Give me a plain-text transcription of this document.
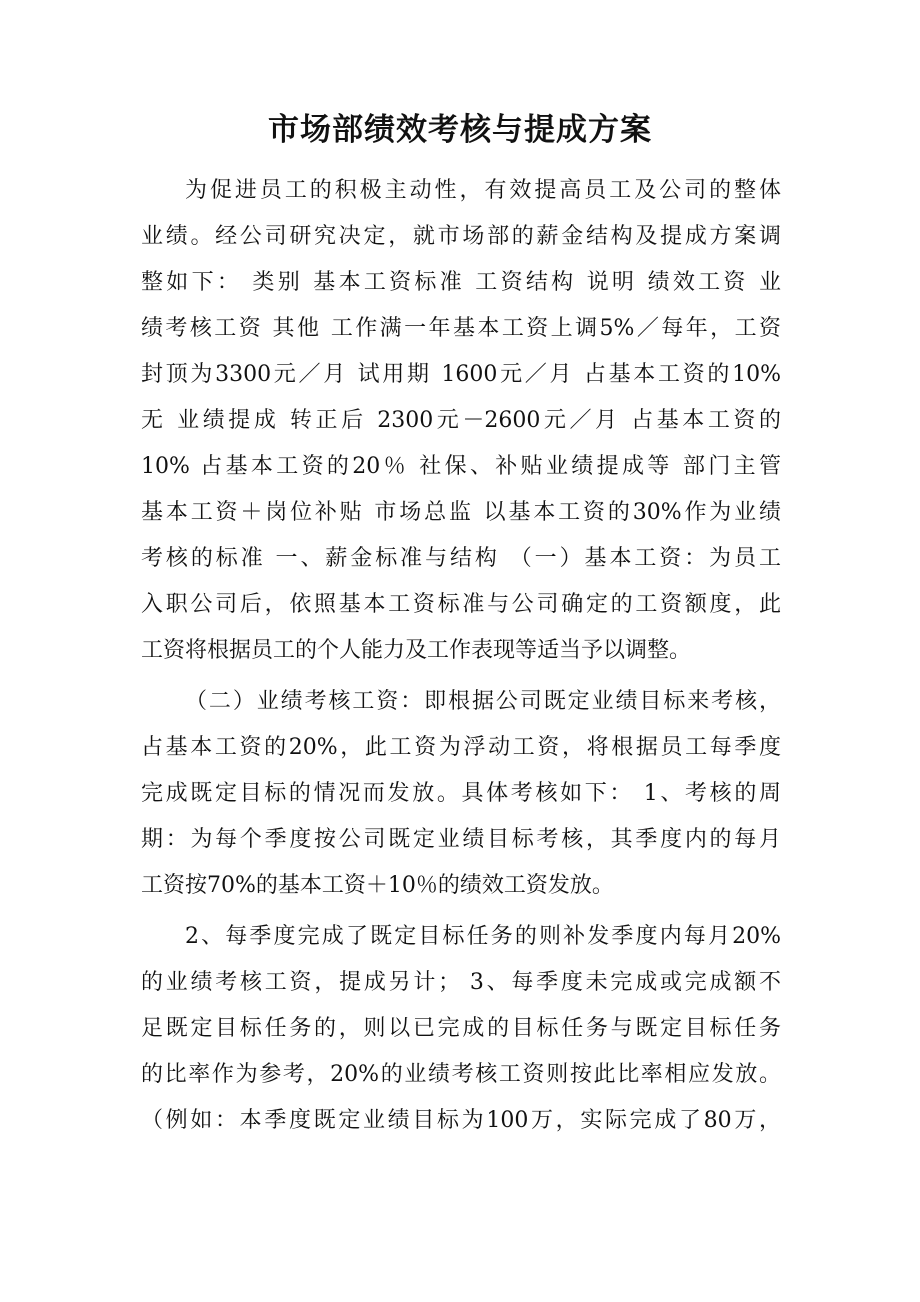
市场部绩效考核与提成方案
为促进员工的积极主动性，有效提高员工及公司的整体
业绩。经公司研究决定，就市场部的薪金结构及提成方案调
整如下： 类别 基本工资标准 工资结构 说明 绩效工资 业
绩考核工资 其他 工作满一年基本工资上调5%／每年，工资
封顶为3300元／月 试用期 1600元／月 占基本工资的10%
无 业绩提成 转正后 2300元－2600元／月 占基本工资的
10% 占基本工资的20％ 社保、补贴业绩提成等 部门主管
基本工资＋岗位补贴 市场总监 以基本工资的30%作为业绩
考核的标准 一、薪金标准与结构 （一）基本工资：为员工
入职公司后，依照基本工资标准与公司确定的工资额度，此
工资将根据员工的个人能力及工作表现等适当予以调整。
（二）业绩考核工资：即根据公司既定业绩目标来考核，
占基本工资的20%，此工资为浮动工资，将根据员工每季度
完成既定目标的情况而发放。具体考核如下： 1、考核的周
期：为每个季度按公司既定业绩目标考核，其季度内的每月
工资按70%的基本工资＋10％的绩效工资发放。
2、每季度完成了既定目标任务的则补发季度内每月20%
的业绩考核工资，提成另计； 3、每季度未完成或完成额不
足既定目标任务的，则以已完成的目标任务与既定目标任务
的比率作为参考，20%的业绩考核工资则按此比率相应发放。
（例如：本季度既定业绩目标为100万，实际完成了80万，
